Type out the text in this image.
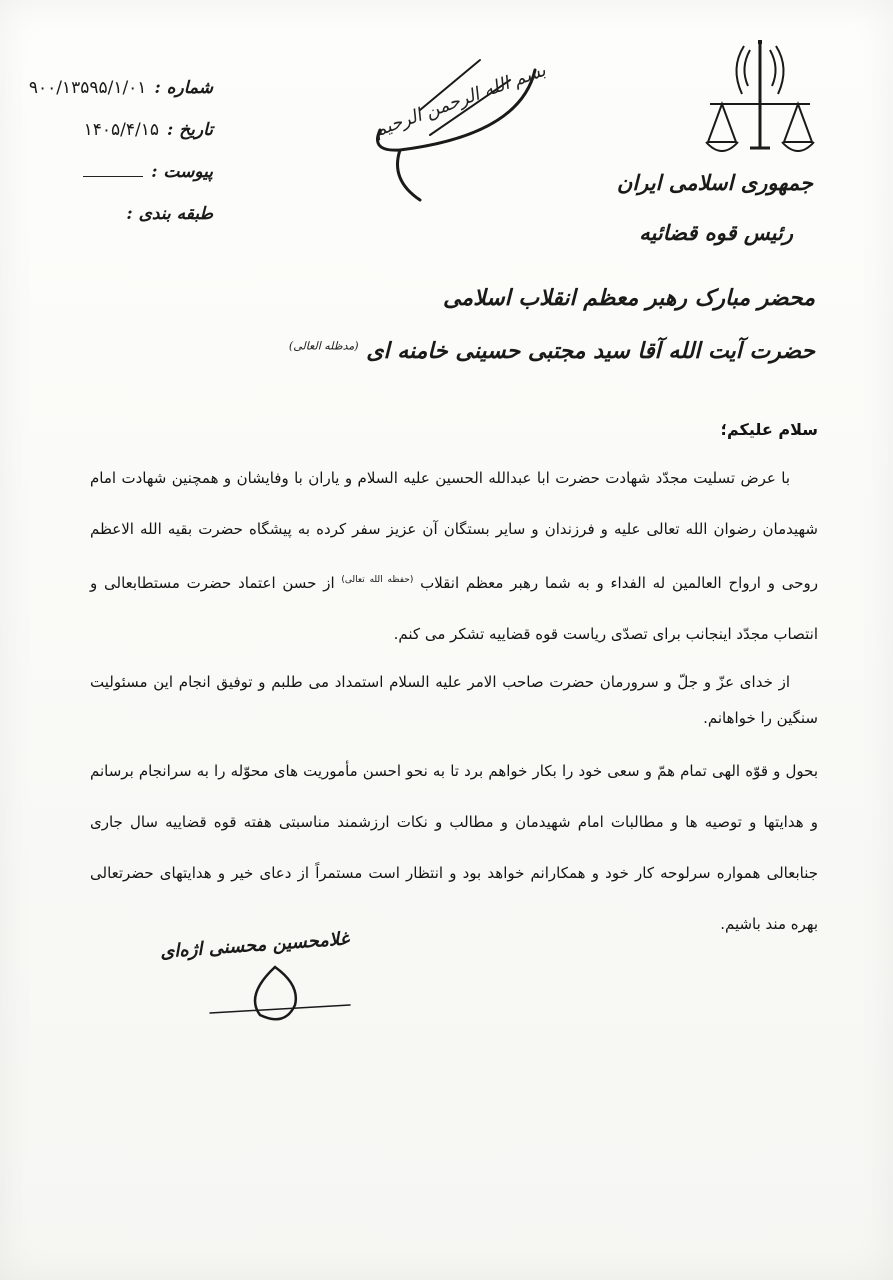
جمهوری اسلامی ایران
رئیس قوه قضائیه
محضر مبارک رهبر معظم انقلاب اسلامی
حضرت آیت الله آقا سید مجتبی حسینی خامنه ای $^{(مدظله العالی)}$
بسم الله الرحمن الرحیم
شماره :
۹۰۰/۱۳۵۹۵/۱/۰۱
تاریخ :
۱۴۰۵/۴/۱۵
پیوست :
طبقه بندی :
سلام علیکم؛

با عرض تسلیت مجدّد شهادت حضرت ابا عبدالله الحسین علیه السلام و یاران با وفایشان و همچنین شهادت امام شهیدمان رضوان الله تعالی علیه و فرزندان و سایر بستگان آن عزیز سفر کرده به پیشگاه حضرت بقیه الله الاعظم روحی و ارواح العالمین له الفداء و به شما رهبر معظم انقلاب $^{(حفظه الله تعالی)}$ از حسن اعتماد حضرت مستطابعالی و انتصاب مجدّد اینجانب برای تصدّی ریاست قوه قضاییه تشکر می کنم.

از خدای عزّ و جلّ و سرورمان حضرت صاحب الامر علیه السلام استمداد می طلبم و توفیق انجام این مسئولیت سنگین را خواهانم.

بحول و قوّه الهی تمام همّ و سعی خود را بکار خواهم برد تا به نحو احسن مأموریت های محوّله را به سرانجام برسانم و هدایتها و توصیه ها و مطالبات امام شهیدمان و مطالب و نکات ارزشمند مناسبتی هفته قوه قضاییه سال جاری جنابعالی همواره سرلوحه کار خود و همکارانم خواهد بود و انتظار است مستمراً از دعای خیر و هدایتهای حضرتعالی بهره مند باشیم.

غلامحسین محسنی اژه‌ای
